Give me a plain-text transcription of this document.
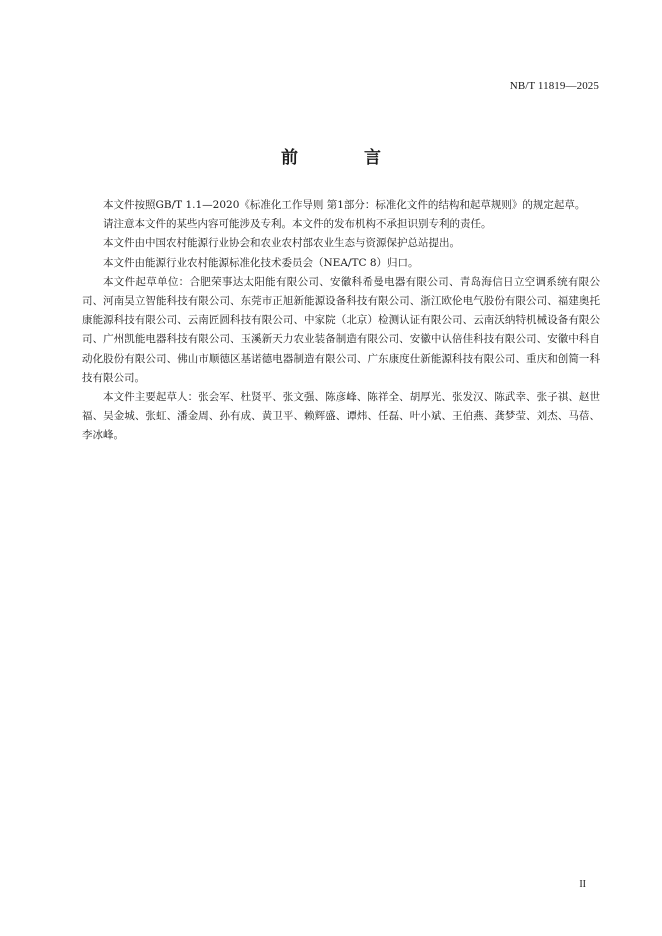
NB/T 11819—2025
前 言

本文件按照GB/T 1.1—2020《标准化工作导则 第1部分：标准化文件的结构和起草规则》的规定起草。

请注意本文件的某些内容可能涉及专利。本文件的发布机构不承担识别专利的责任。

本文件由中国农村能源行业协会和农业农村部农业生态与资源保护总站提出。

本文件由能源行业农村能源标准化技术委员会（NEA/TC 8）归口。

本文件起草单位：合肥荣事达太阳能有限公司、安徽科希曼电器有限公司、青岛海信日立空调系统有限公司、河南昊立智能科技有限公司、东莞市正旭新能源设备科技有限公司、浙江欧伦电气股份有限公司、福建奥托康能源科技有限公司、云南匠圆科技有限公司、中家院（北京）检测认证有限公司、云南沃纳特机械设备有限公司、广州凯能电器科技有限公司、玉溪新天力农业装备制造有限公司、安徽中认倍佳科技有限公司、安徽中科自动化股份有限公司、佛山市顺德区基诺德电器制造有限公司、广东康度仕新能源科技有限公司、重庆和创简一科技有限公司。

本文件主要起草人：张会军、杜贤平、张文强、陈彦峰、陈祥全、胡厚光、张发汉、陈武幸、张子祺、赵世福、吴金城、张虹、潘金周、孙有成、黄卫平、赖辉盛、谭炜、任磊、叶小斌、王伯燕、龚梦莹、刘杰、马蓓、李冰峰。

II
